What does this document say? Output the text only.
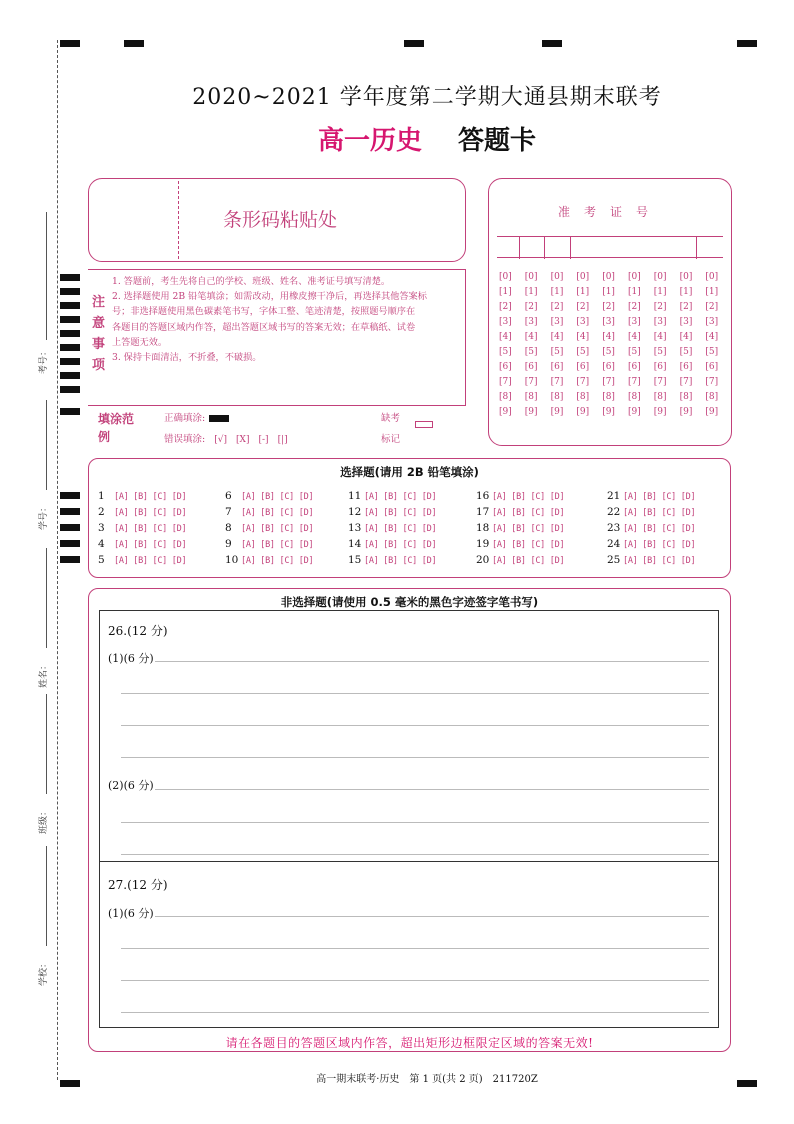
考号：
学号：
姓名：
班级：
学校：
2020~2021 学年度第二学期大通县期末联考
高一历史 答题卡
条形码粘贴处
注意事项
1. 答题前，考生先将自己的学校、班级、姓名、准考证号填写清楚。
2. 选择题使用 2B 铅笔填涂；如需改动，用橡皮擦干净后，再选择其他答案标
号；非选择题使用黑色碳素笔书写，字体工整、笔迹清楚，按照题号顺序在
各题目的答题区域内作答，超出答题区域书写的答案无效；在草稿纸、试卷
上答题无效。
3. 保持卡面清洁，不折叠，不破损。
填涂范例
正确填涂:
错误填涂: [√] [X] [-] [|]
缺考
标记
准考证号
[0] [0] [0] [0] [0] [0] [0] [0] [0]
[1] [1] [1] [1] [1] [1] [1] [1] [1]
[2] [2] [2] [2] [2] [2] [2] [2] [2]
[3] [3] [3] [3] [3] [3] [3] [3] [3]
[4] [4] [4] [4] [4] [4] [4] [4] [4]
[5] [5] [5] [5] [5] [5] [5] [5] [5]
[6] [6] [6] [6] [6] [6] [6] [6] [6]
[7] [7] [7] [7] [7] [7] [7] [7] [7]
[8] [8] [8] [8] [8] [8] [8] [8] [8]
[9] [9] [9] [9] [9] [9] [9] [9] [9]
选择题(请用 2B 铅笔填涂)
1 [A] [B] [C] [D]
2 [A] [B] [C] [D]
3 [A] [B] [C] [D]
4 [A] [B] [C] [D]
5 [A] [B] [C] [D]
6 [A] [B] [C] [D]
7 [A] [B] [C] [D]
8 [A] [B] [C] [D]
9 [A] [B] [C] [D]
10 [A] [B] [C] [D]
11 [A] [B] [C] [D]
12 [A] [B] [C] [D]
13 [A] [B] [C] [D]
14 [A] [B] [C] [D]
15 [A] [B] [C] [D]
16 [A] [B] [C] [D]
17 [A] [B] [C] [D]
18 [A] [B] [C] [D]
19 [A] [B] [C] [D]
20 [A] [B] [C] [D]
21 [A] [B] [C] [D]
22 [A] [B] [C] [D]
23 [A] [B] [C] [D]
24 [A] [B] [C] [D]
25 [A] [B] [C] [D]
非选择题(请使用 0.5 毫米的黑色字迹签字笔书写)
26.(12 分)
(1)(6 分)
(2)(6 分)
27.(12 分)
(1)(6 分)
请在各题目的答题区域内作答，超出矩形边框限定区域的答案无效!
高一期末联考·历史　第 1 页(共 2 页)　211720Z
